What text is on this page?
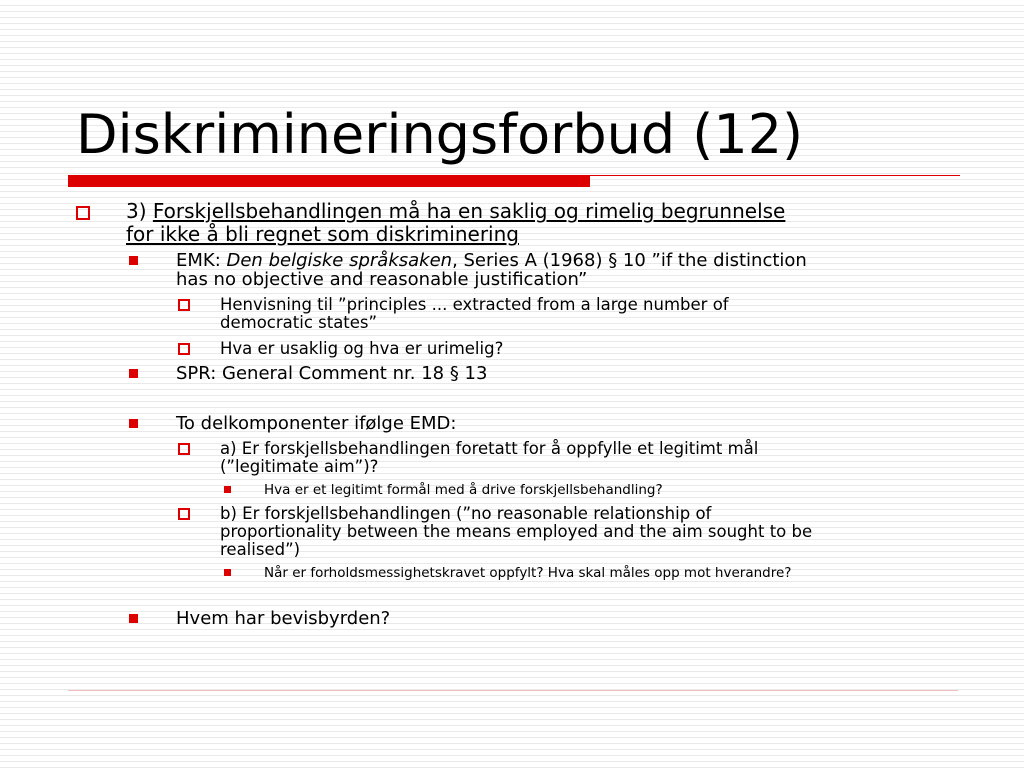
Diskrimineringsforbud (12)
3) Forskjellsbehandlingen må ha en saklig og rimelig begrunnelse
for ikke å bli regnet som diskriminering
EMK: Den belgiske språksaken, Series A (1968) § 10 ”if the distinction
has no objective and reasonable justification”
Henvisning til ”principles ... extracted from a large number of
democratic states”
Hva er usaklig og hva er urimelig?
SPR: General Comment nr. 18 § 13
To delkomponenter ifølge EMD:
a) Er forskjellsbehandlingen foretatt for å oppfylle et legitimt mål
(”legitimate aim”)?
Hva er et legitimt formål med å drive forskjellsbehandling?
b) Er forskjellsbehandlingen (”no reasonable relationship of
proportionality between the means employed and the aim sought to be
realised”)
Når er forholdsmessighetskravet oppfylt? Hva skal måles opp mot hverandre?
Hvem har bevisbyrden?
